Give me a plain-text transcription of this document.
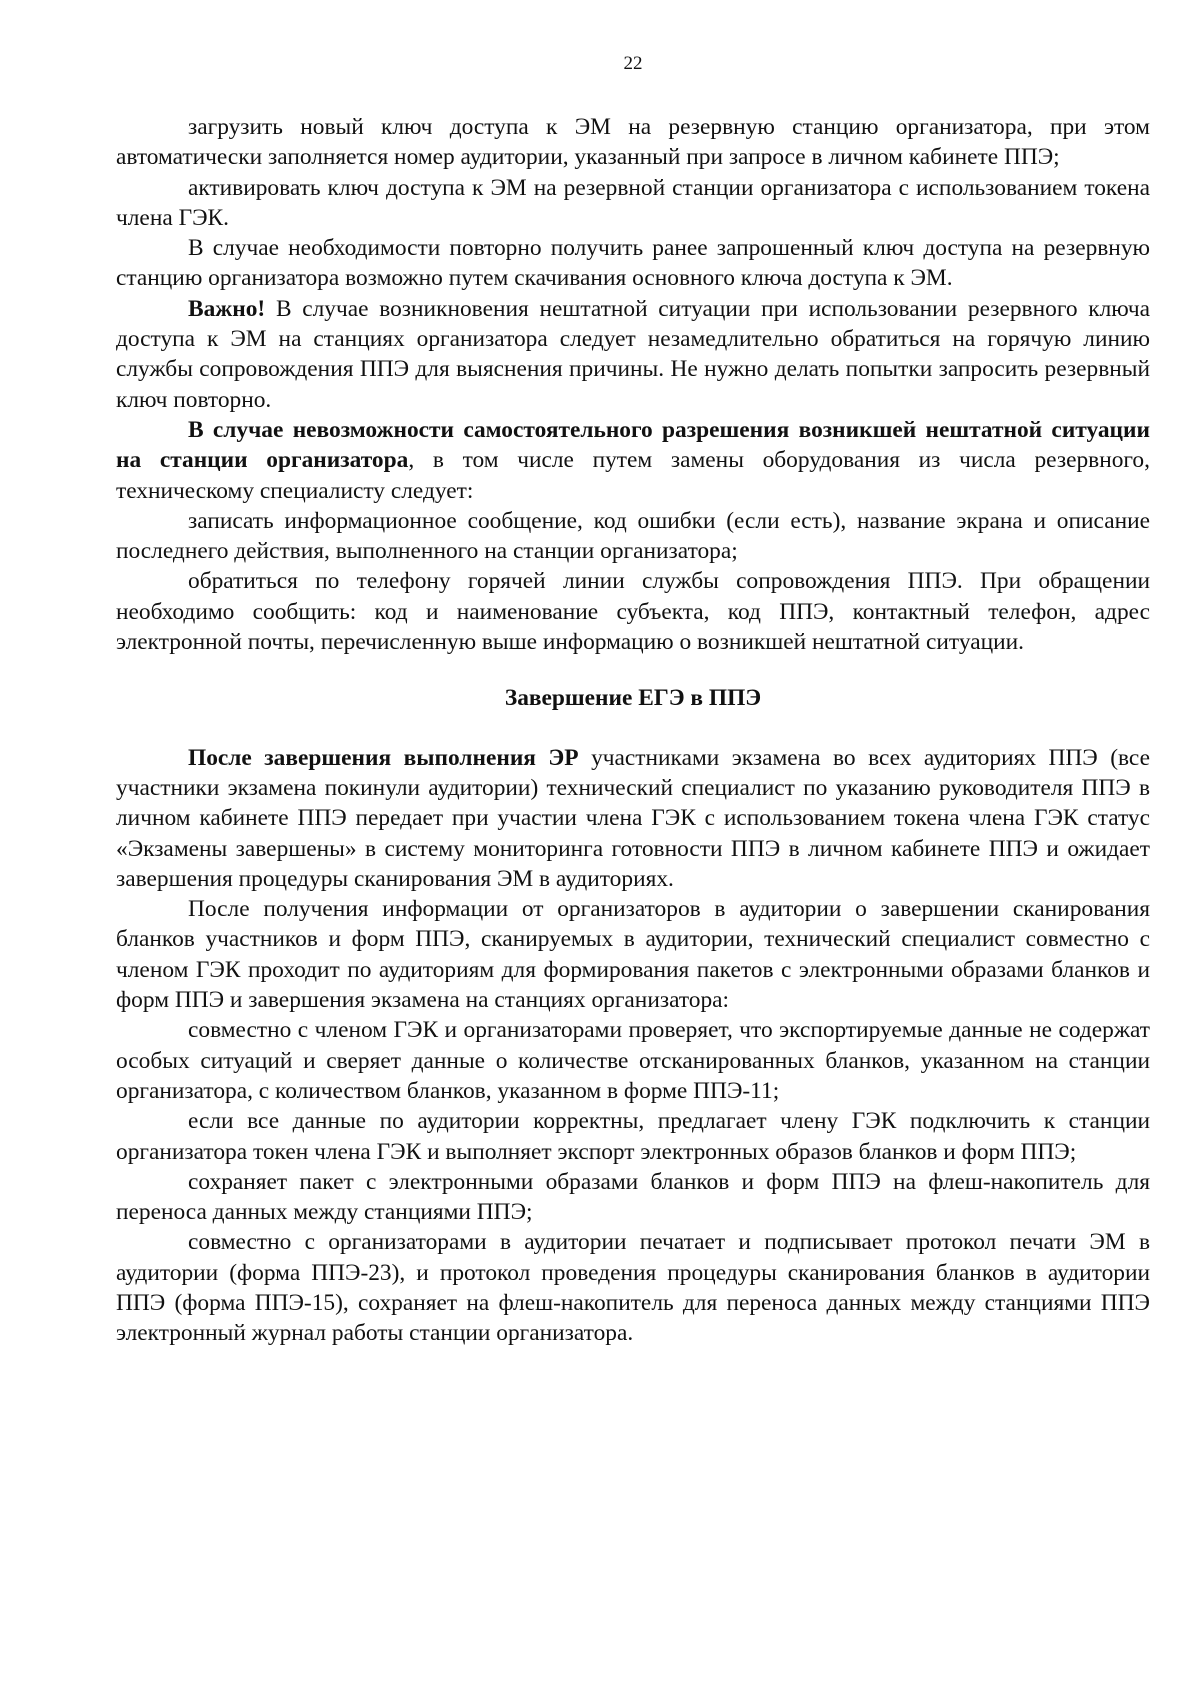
22

загрузить новый ключ доступа к ЭМ на резервную станцию организатора, при этом автоматически заполняется номер аудитории, указанный при запросе в личном кабинете ППЭ;

активировать ключ доступа к ЭМ на резервной станции организатора с использованием токена члена ГЭК.

В случае необходимости повторно получить ранее запрошенный ключ доступа на резервную станцию организатора возможно путем скачивания основного ключа доступа к ЭМ.

Важно! В случае возникновения нештатной ситуации при использовании резервного ключа доступа к ЭМ на станциях организатора следует незамедлительно обратиться на горячую линию службы сопровождения ППЭ для выяснения причины. Не нужно делать попытки запросить резервный ключ повторно.

В случае невозможности самостоятельного разрешения возникшей нештатной ситуации на станции организатора, в том числе путем замены оборудования из числа резервного, техническому специалисту следует:

записать информационное сообщение, код ошибки (если есть), название экрана и описание последнего действия, выполненного на станции организатора;

обратиться по телефону горячей линии службы сопровождения ППЭ. При обращении необходимо сообщить: код и наименование субъекта, код ППЭ, контактный телефон, адрес электронной почты, перечисленную выше информацию о возникшей нештатной ситуации.

Завершение ЕГЭ в ППЭ

После завершения выполнения ЭР участниками экзамена во всех аудиториях ППЭ (все участники экзамена покинули аудитории) технический специалист по указанию руководителя ППЭ в личном кабинете ППЭ передает при участии члена ГЭК с использованием токена члена ГЭК статус «Экзамены завершены» в систему мониторинга готовности ППЭ в личном кабинете ППЭ и ожидает завершения процедуры сканирования ЭМ в аудиториях.

После получения информации от организаторов в аудитории о завершении сканирования бланков участников и форм ППЭ, сканируемых в аудитории, технический специалист совместно с членом ГЭК проходит по аудиториям для формирования пакетов с электронными образами бланков и форм ППЭ и завершения экзамена на станциях организатора:

совместно с членом ГЭК и организаторами проверяет, что экспортируемые данные не содержат особых ситуаций и сверяет данные о количестве отсканированных бланков, указанном на станции организатора, с количеством бланков, указанном в форме ППЭ-11;

если все данные по аудитории корректны, предлагает члену ГЭК подключить к станции организатора токен члена ГЭК и выполняет экспорт электронных образов бланков и форм ППЭ;

сохраняет пакет с электронными образами бланков и форм ППЭ на флеш-накопитель для переноса данных между станциями ППЭ;

совместно с организаторами в аудитории печатает и подписывает протокол печати ЭМ в аудитории (форма ППЭ-23), и протокол проведения процедуры сканирования бланков в аудитории ППЭ (форма ППЭ-15), сохраняет на флеш-накопитель для переноса данных между станциями ППЭ электронный журнал работы станции организатора.
